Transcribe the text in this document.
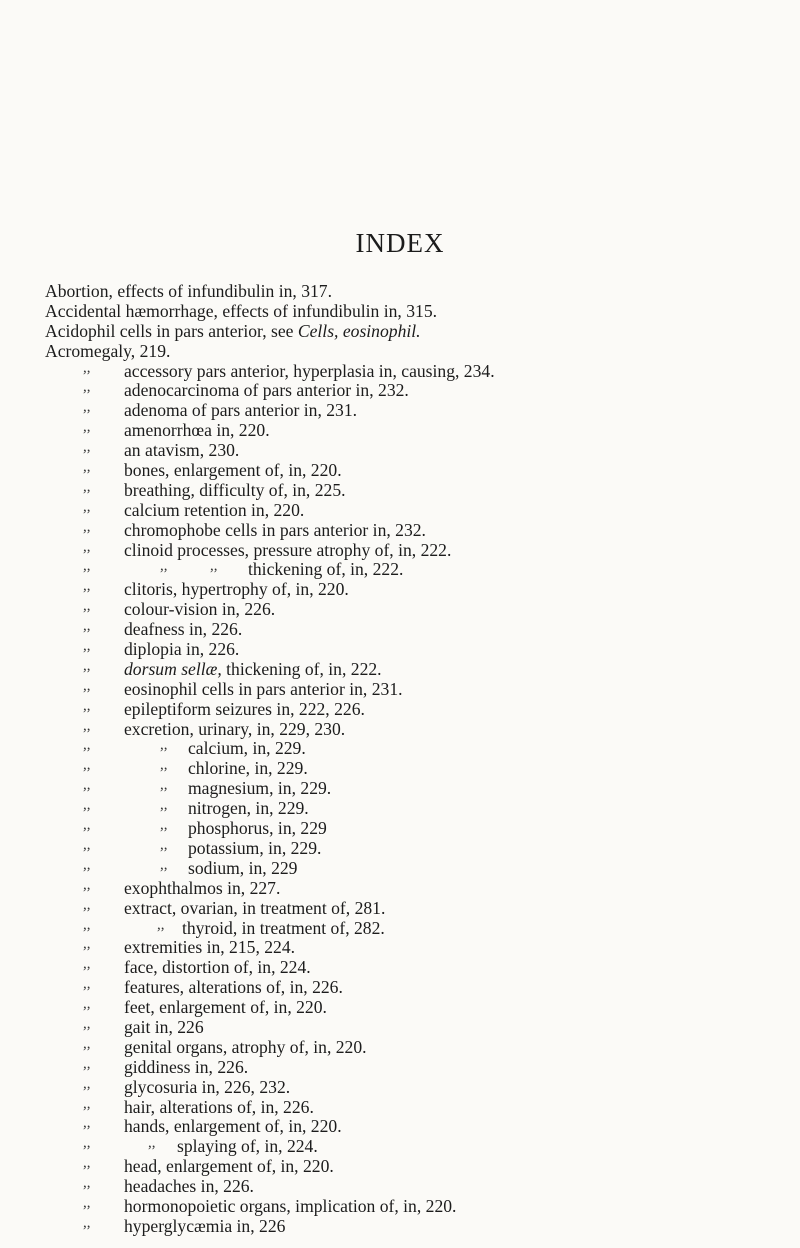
INDEX
Abortion, effects of infundibulin in, 317.
Accidental hæmorrhage, effects of infundibulin in, 315.
Acidophil cells in pars anterior, see Cells, eosinophil.
Acromegaly, 219.
,, accessory pars anterior, hyperplasia in, causing, 234.
,, adenocarcinoma of pars anterior in, 232.
,, adenoma of pars anterior in, 231.
,, amenorrhœa in, 220.
,, an atavism, 230.
,, bones, enlargement of, in, 220.
,, breathing, difficulty of, in, 225.
,, calcium retention in, 220.
,, chromophobe cells in pars anterior in, 232.
,, clinoid processes, pressure atrophy of, in, 222.
,,	,,	,, thickening of, in, 222.
,, clitoris, hypertrophy of, in, 220.
,, colour-vision in, 226.
,, deafness in, 226.
,, diplopia in, 226.
,, dorsum sellæ, thickening of, in, 222.
,, eosinophil cells in pars anterior in, 231.
,, epileptiform seizures in, 222, 226.
,, excretion, urinary, in, 229, 230.
,,	,, calcium, in, 229.
,,	,, chlorine, in, 229.
,,	,, magnesium, in, 229.
,,	,, nitrogen, in, 229.
,,	,, phosphorus, in, 229
,,	,, potassium, in, 229.
,,	,, sodium, in, 229
,, exophthalmos in, 227.
,, extract, ovarian, in treatment of, 281.
,,	,, thyroid, in treatment of, 282.
,, extremities in, 215, 224.
,, face, distortion of, in, 224.
,, features, alterations of, in, 226.
,, feet, enlargement of, in, 220.
,, gait in, 226
,, genital organs, atrophy of, in, 220.
,, giddiness in, 226.
,, glycosuria in, 226, 232.
,, hair, alterations of, in, 226.
,, hands, enlargement of, in, 220.
,,	,, splaying of, in, 224.
,, head, enlargement of, in, 220.
,, headaches in, 226.
,, hormonopoietic organs, implication of, in, 220.
,, hyperglycæmia in, 226
